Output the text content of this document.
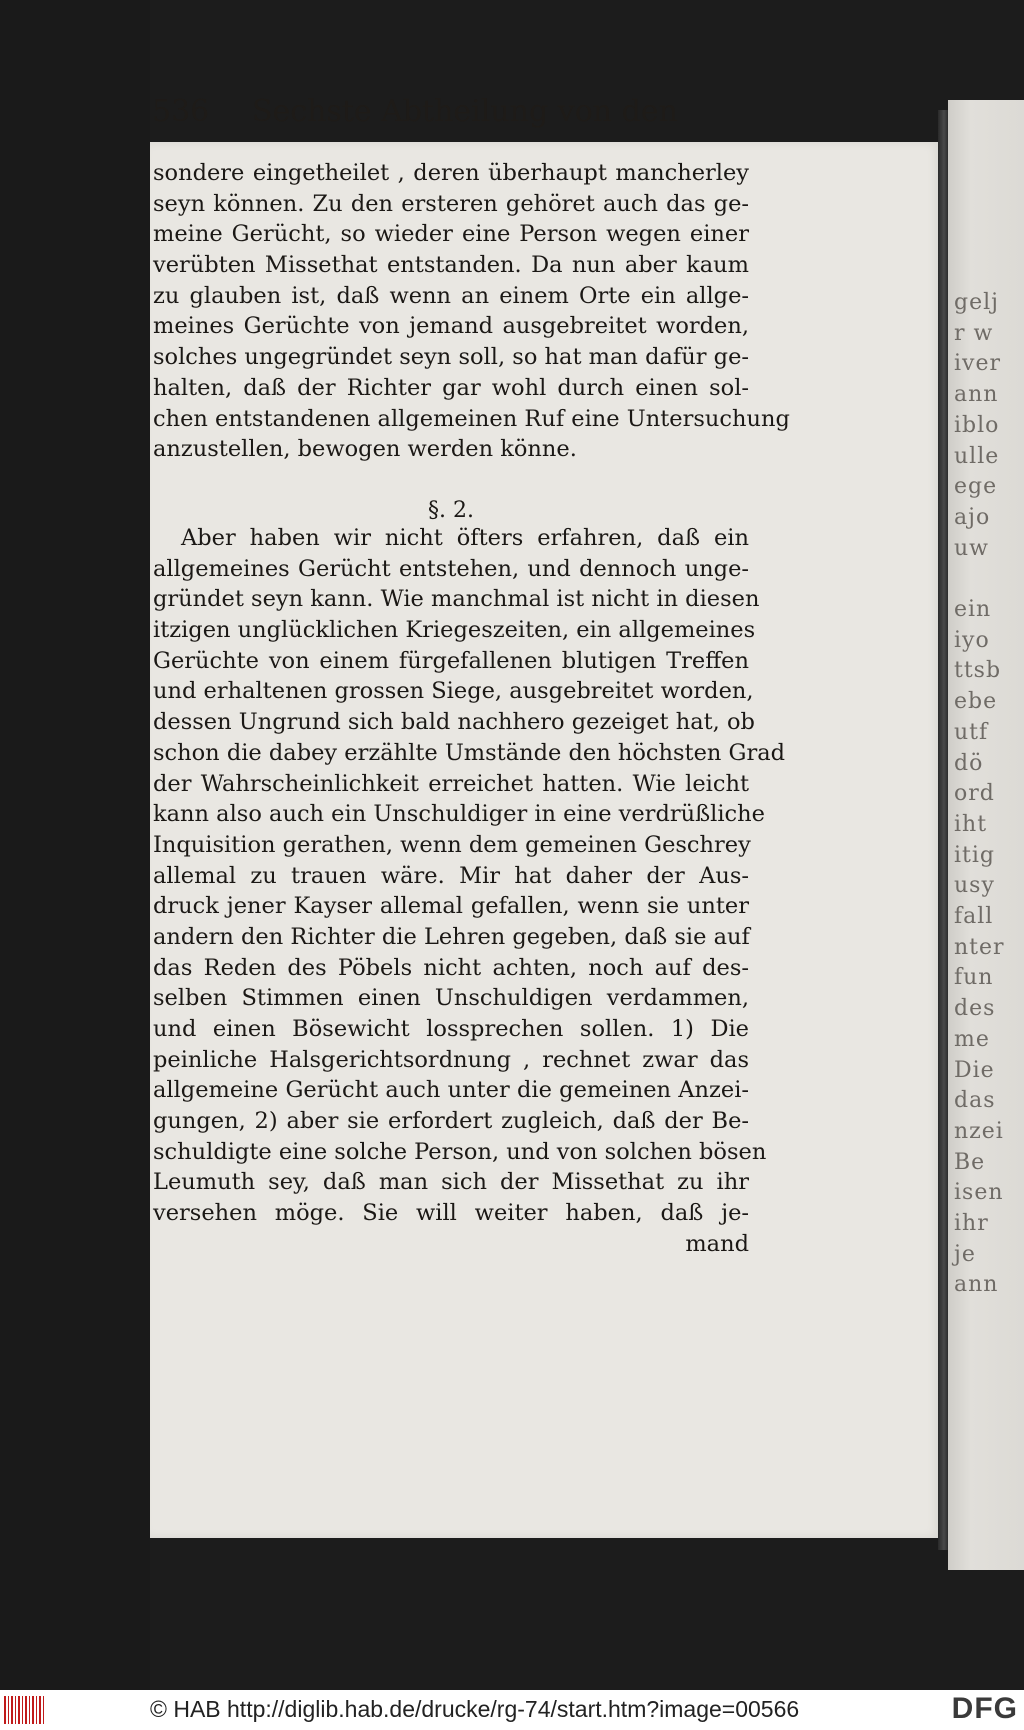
gelj
r w
iver
ann
iblo
ulle
ege
ajo
uw
ein
iyo
ttsb
ebe
utf
dö
ord
iht
itig
usy
fall
nter
fun
des
me
Die
das
nzei
Be
isen
ihr
je
ann
536 Sechste Abtheilung von den
sondere eingetheilet , deren überhaupt mancherley
seyn können. Zu den ersteren gehöret auch das ge-
meine Gerücht, so wieder eine Person wegen einer
verübten Missethat entstanden. Da nun aber kaum
zu glauben ist, daß wenn an einem Orte ein allge-
meines Gerüchte von jemand ausgebreitet worden,
solches ungegründet seyn soll, so hat man dafür ge-
halten, daß der Richter gar wohl durch einen sol-
chen entstandenen allgemeinen Ruf eine Untersuchung
anzustellen, bewogen werden könne.
§. 2.
Aber haben wir nicht öfters erfahren, daß ein
allgemeines Gerücht entstehen, und dennoch unge-
gründet seyn kann. Wie manchmal ist nicht in diesen
itzigen unglücklichen Kriegeszeiten, ein allgemeines
Gerüchte von einem fürgefallenen blutigen Treffen
und erhaltenen grossen Siege, ausgebreitet worden,
dessen Ungrund sich bald nachhero gezeiget hat, ob
schon die dabey erzählte Umstände den höchsten Grad
der Wahrscheinlichkeit erreichet hatten. Wie leicht
kann also auch ein Unschuldiger in eine verdrüßliche
Inquisition gerathen, wenn dem gemeinen Geschrey
allemal zu trauen wäre. Mir hat daher der Aus-
druck jener Kayser allemal gefallen, wenn sie unter
andern den Richter die Lehren gegeben, daß sie auf
das Reden des Pöbels nicht achten, noch auf des-
selben Stimmen einen Unschuldigen verdammen,
und einen Bösewicht lossprechen sollen. 1) Die
peinliche Halsgerichtsordnung , rechnet zwar das
allgemeine Gerücht auch unter die gemeinen Anzei-
gungen, 2) aber sie erfordert zugleich, daß der Be-
schuldigte eine solche Person, und von solchen bösen
Leumuth sey, daß man sich der Missethat zu ihr
versehen möge. Sie will weiter haben, daß je-
mand
© HAB http://diglib.hab.de/drucke/rg-74/start.htm?image=00566	DFG
